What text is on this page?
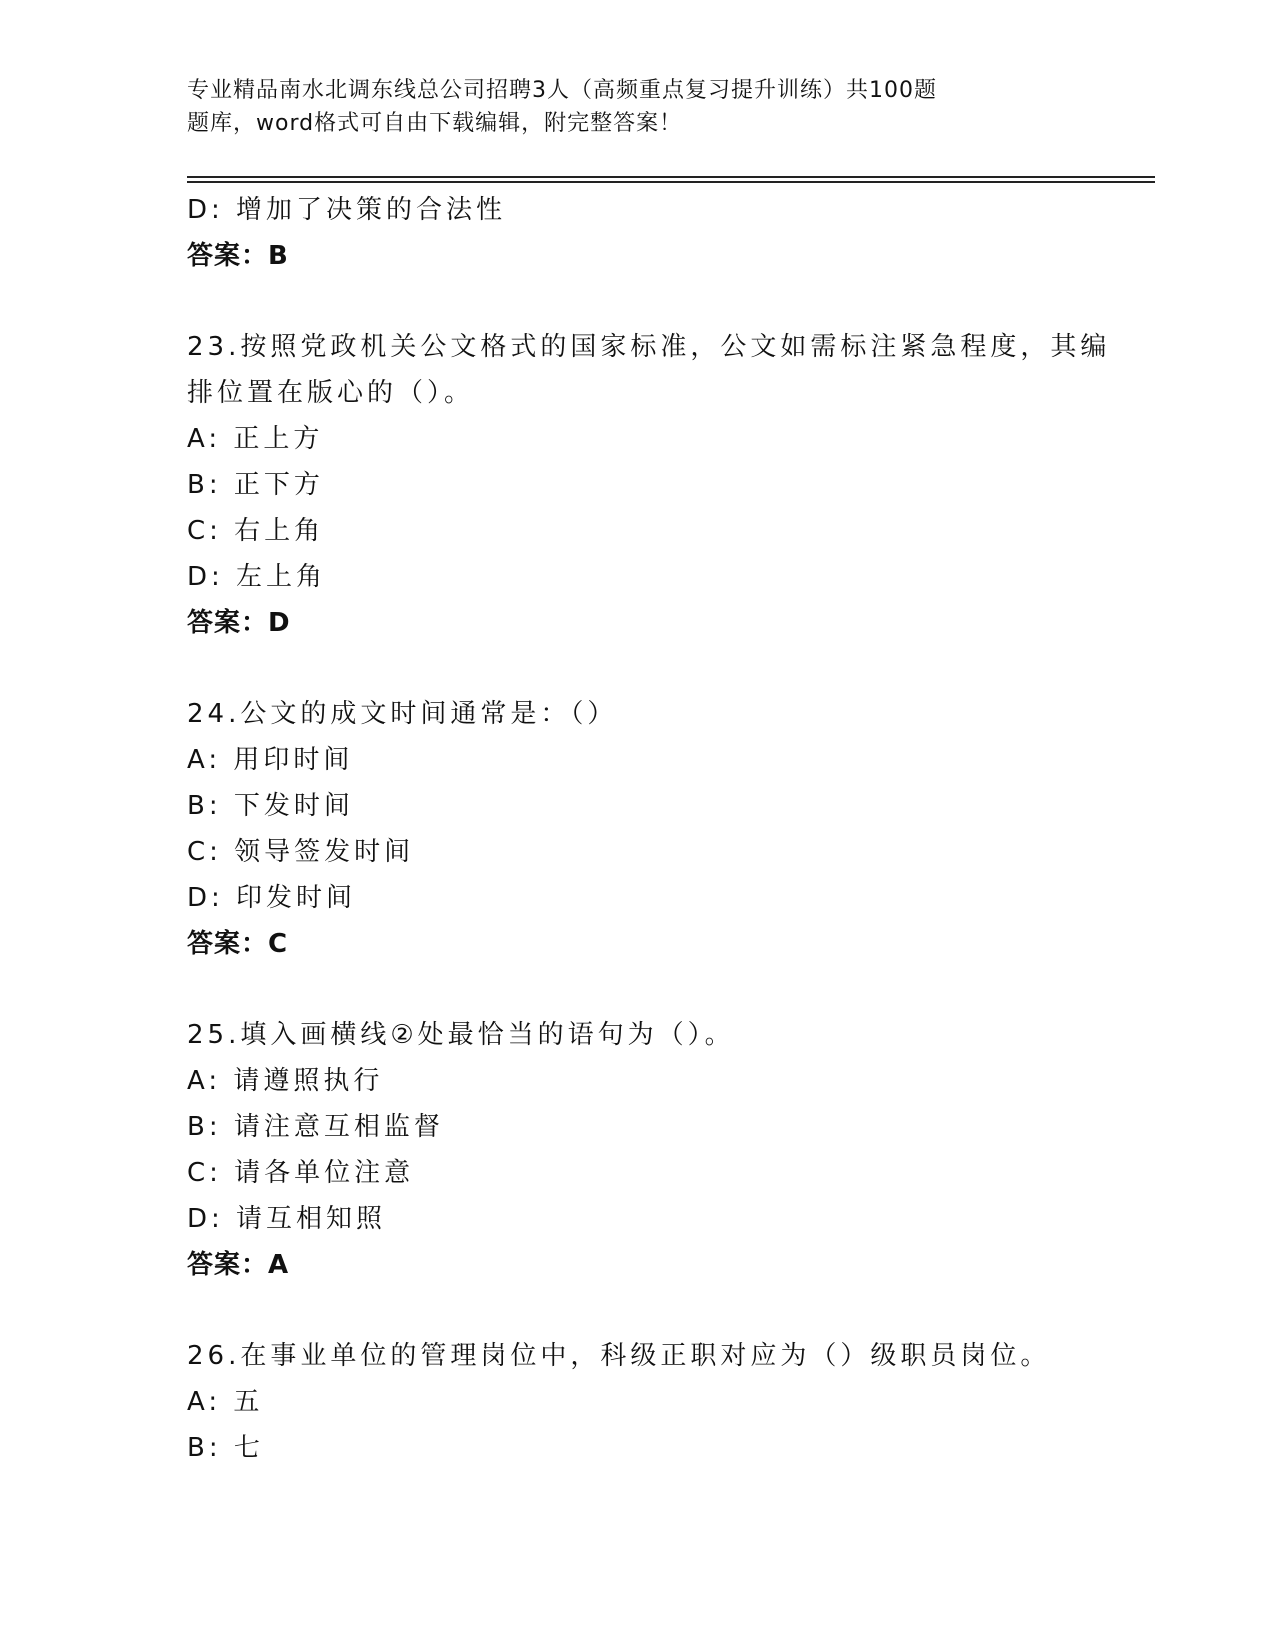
专业精品南水北调东线总公司招聘3人（高频重点复习提升训练）共100题
题库，word格式可自由下载编辑，附完整答案！
D: 增加了决策的合法性
答案：B
23.按照党政机关公文格式的国家标准，公文如需标注紧急程度，其编
排位置在版心的（）。
A: 正上方
B: 正下方
C: 右上角
D: 左上角
答案：D
24.公文的成文时间通常是：（）
A: 用印时间
B: 下发时间
C: 领导签发时间
D: 印发时间
答案：C
25.填入画横线②处最恰当的语句为（）。
A: 请遵照执行
B: 请注意互相监督
C: 请各单位注意
D: 请互相知照
答案：A
26.在事业单位的管理岗位中，科级正职对应为（）级职员岗位。
A: 五
B: 七
